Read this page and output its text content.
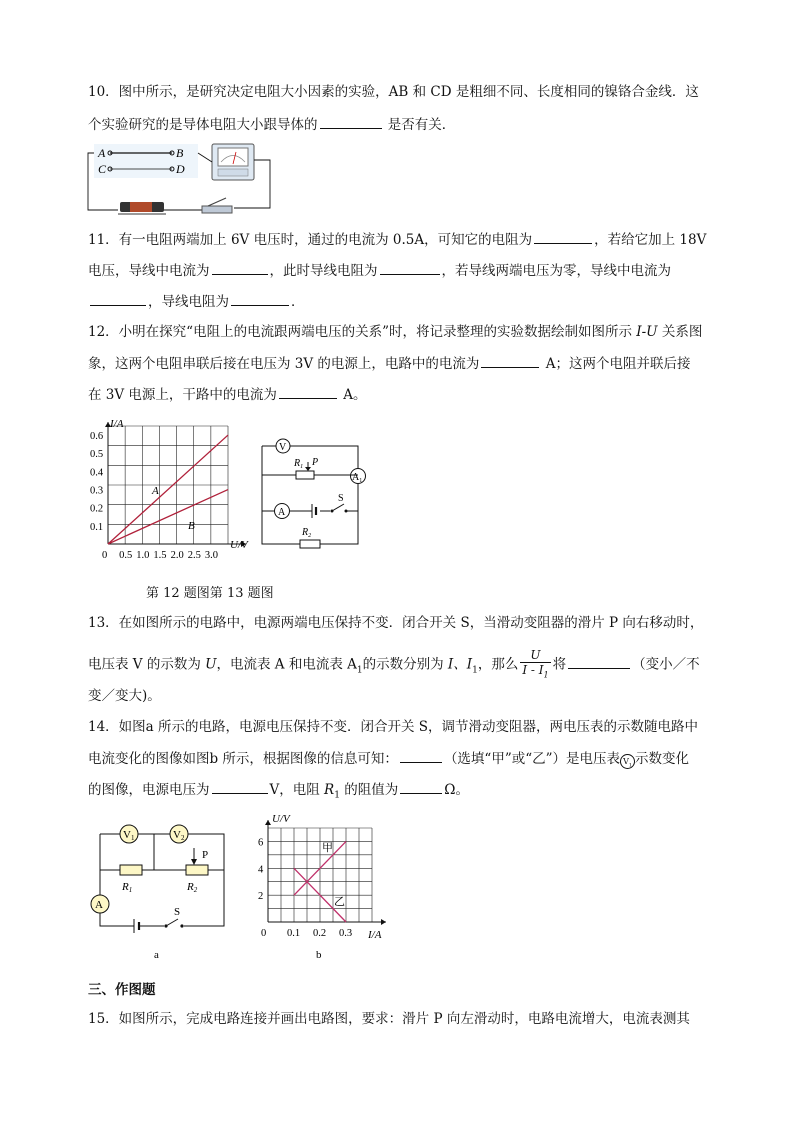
10．图中所示，是研究决定电阻大小因素的实验，AB 和 CD 是粗细不同、长度相同的镍铬合金线．这
个实验研究的是导体电阻大小跟导体的	是否有关．
A	B
C	D
11．有一电阻两端加上 6V 电压时，通过的电流为 0.5A，可知它的电阻为	，若给它加上 18V
电压，导线中电流为	，此时导线电阻为	，若导线两端电压为零，导线中电流为
，导线电阻为	．
12．小明在探究“电阻上的电流跟两端电压的关系”时，将记录整理的实验数据绘制如图所示 I-U 关系图
象，这两个电阻串联后接在电压为 3V 的电源上，电路中的电流为	A；这两个电阻并联后接
在 3V 电源上，干路中的电流为	A。
0 0.5 1.0 1.5 2.0 2.5 3.0
0.1
0.2
0.3
0.4
0.5
0.6
I/A
U/V
A
B
V
$A_1$
$R_1$ P
A
S
$R_2$
第 12 题图第 13 题图
13．在如图所示的电路中，电源两端电压保持不变．闭合开关 S，当滑动变阻器的滑片 P 向右移动时，
电压表 V 的示数为 U，电流表 A 和电流表 $A_1$的示数分别为 I、$I_1$，那么 $\frac{U}{I - I_1}$ 将	（变小／不
变／变大)。
14．如图a 所示的电路，电源电压保持不变．闭合开关 S，调节滑动变阻器，两电压表的示数随电路中
电流变化的图像如图b 所示，根据图像的信息可知：	（选填“甲”或“乙”）是电压表 $V_1$ 示数变化
的图像，电源电压为	V，电阻 $R_1$ 的阻值为	Ω。
V1	V2
P
R1	R2
A
S
a
0 0.1 0.2 0.3
2
4
6
U/V
I/A
甲
乙
b
三、作图题
15．如图所示，完成电路连接并画出电路图，要求：滑片 P 向左滑动时，电路电流增大，电流表测其
